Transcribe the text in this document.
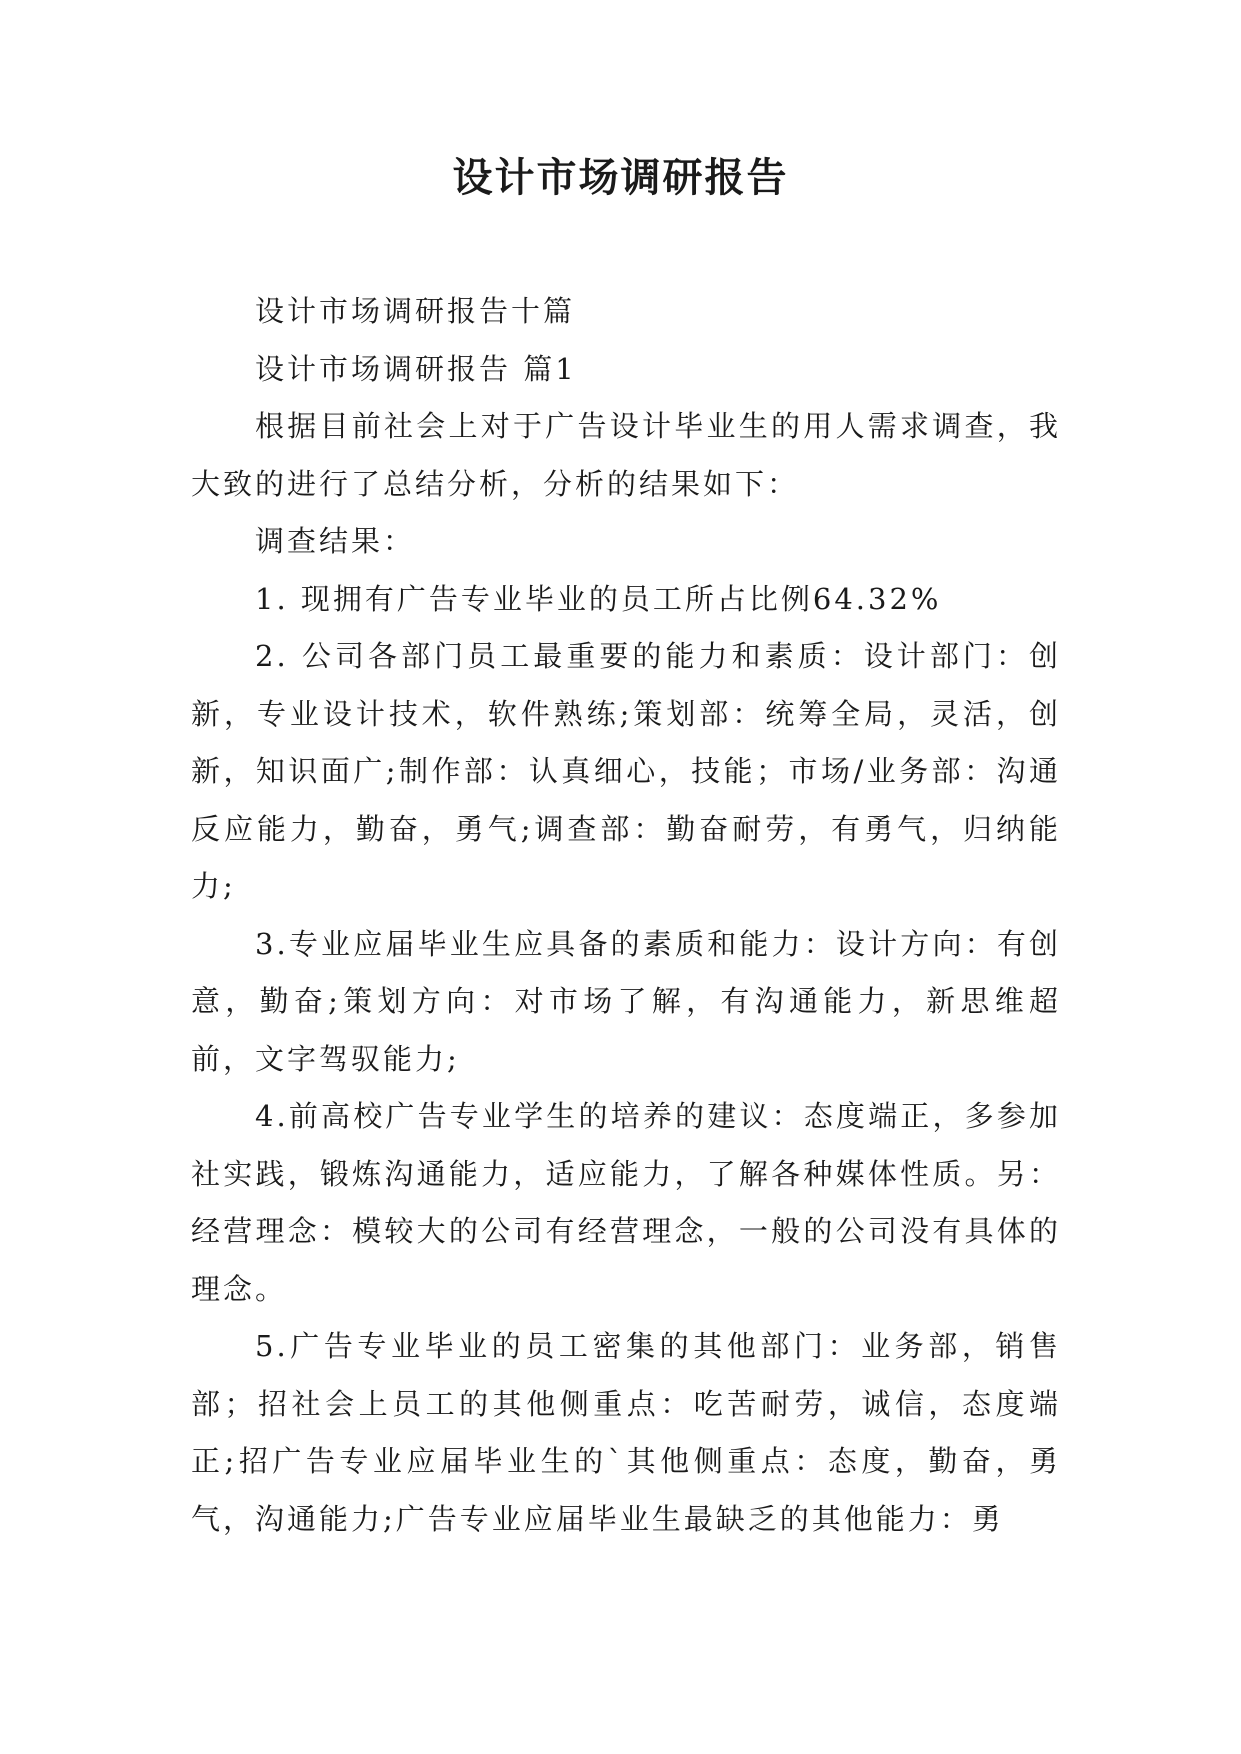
设计市场调研报告

设计市场调研报告十篇

设计市场调研报告 篇1

根据目前社会上对于广告设计毕业生的用人需求调查，我大致的进行了总结分析，分析的结果如下：

调查结果：

1. 现拥有广告专业毕业的员工所占比例64.32%

2. 公司各部门员工最重要的能力和素质：设计部门：创新，专业设计技术，软件熟练;策划部：统筹全局，灵活，创新，知识面广;制作部：认真细心，技能；市场/业务部：沟通反应能力，勤奋，勇气;调查部：勤奋耐劳，有勇气，归纳能力;

3.专业应届毕业生应具备的素质和能力：设计方向：有创意，勤奋;策划方向：对市场了解，有沟通能力，新思维超前，文字驾驭能力;

4.前高校广告专业学生的培养的建议：态度端正，多参加社实践，锻炼沟通能力，适应能力，了解各种媒体性质。另： 经营理念：模较大的公司有经营理念，一般的公司没有具体的理念。

5.广告专业毕业的员工密集的其他部门：业务部，销售部；招社会上员工的其他侧重点：吃苦耐劳，诚信，态度端正;招广告专业应届毕业生的`其他侧重点：态度，勤奋，勇气，沟通能力;广告专业应届毕业生最缺乏的其他能力：勇
